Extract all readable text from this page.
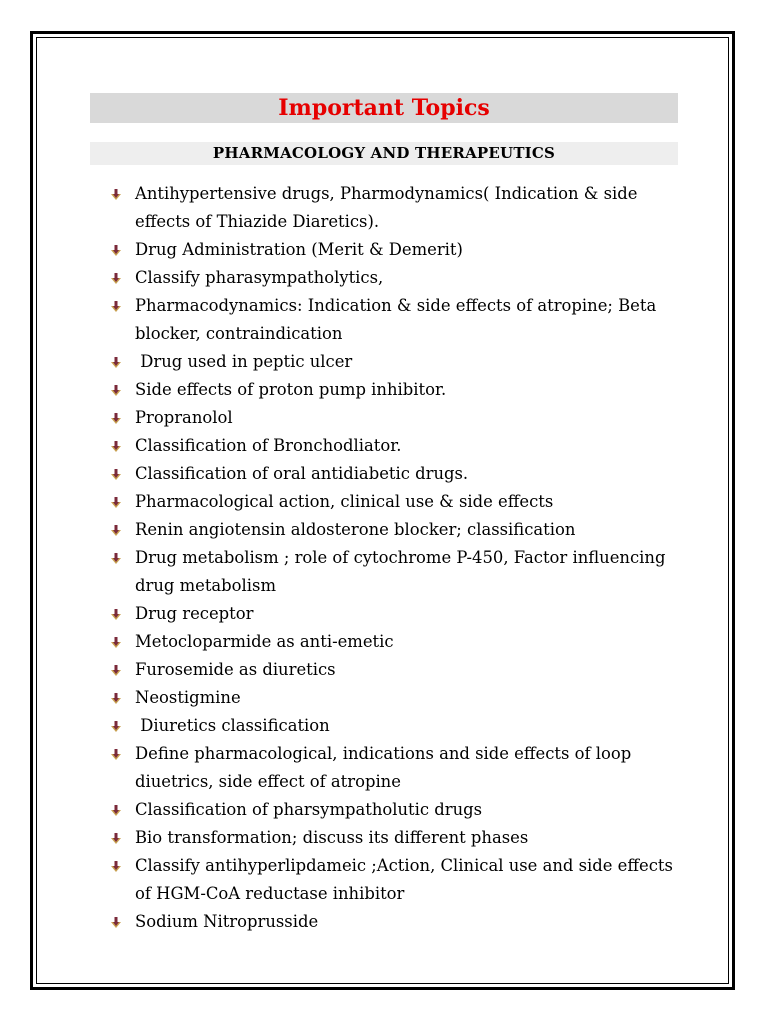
Important Topics
PHARMACOLOGY AND THERAPEUTICS
Antihypertensive drugs, Pharmodynamics( Indication & side effects of Thiazide Diaretics).
Drug Administration (Merit & Demerit)
Classify pharasympatholytics,
Pharmacodynamics: Indication & side effects of atropine; Beta blocker, contraindication
Drug used in peptic ulcer
Side effects of proton pump inhibitor.
Propranolol
Classification of Bronchodliator.
Classification of oral antidiabetic drugs.
Pharmacological action, clinical use & side effects
Renin angiotensin aldosterone blocker; classification
Drug metabolism ; role of cytochrome P-450, Factor influencing drug metabolism
Drug receptor
Metocloparmide as anti-emetic
Furosemide as diuretics
Neostigmine
Diuretics classification
Define pharmacological, indications and side effects of loop diuetrics, side effect of atropine
Classification of pharsympatholutic drugs
Bio transformation; discuss its different phases
Classify antihyperlipdameic ;Action, Clinical use and side effects of HGM-CoA reductase inhibitor
Sodium Nitroprusside
